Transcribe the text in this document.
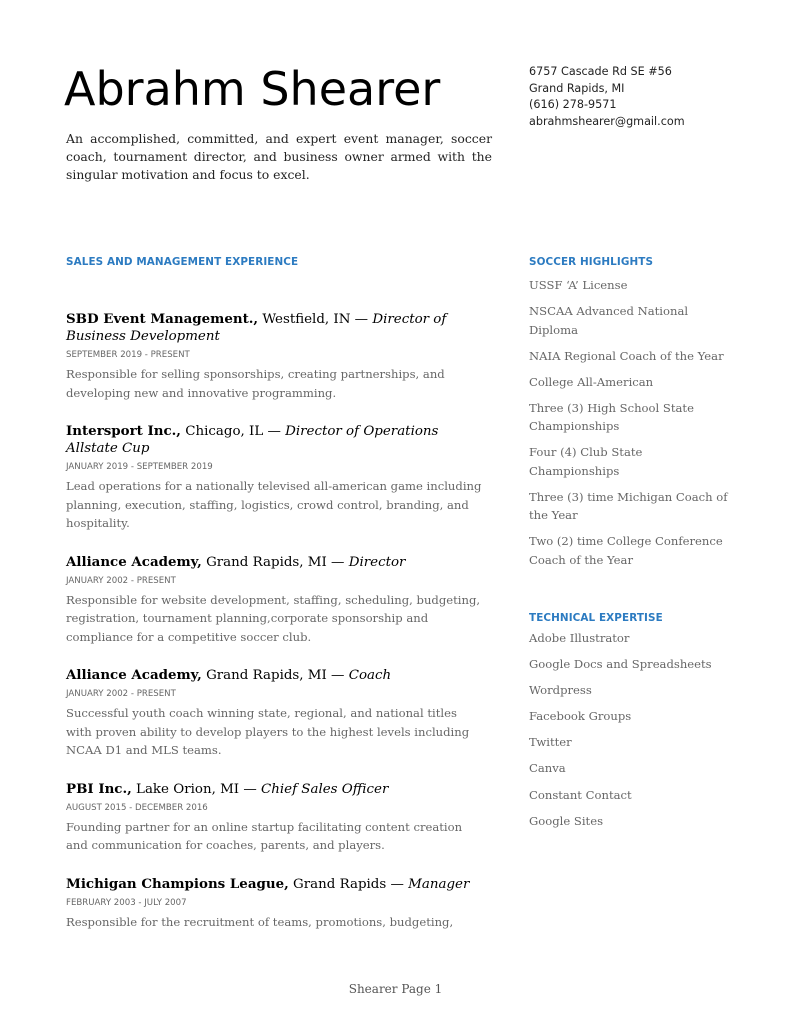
Abrahm Shearer

An accomplished, committed, and expert event manager, soccer coach, tournament director, and business owner armed with the singular motivation and focus to excel.

6757 Cascade Rd SE #56
Grand Rapids, MI
(616) 278-9571
abrahmshearer@gmail.com
SALES AND MANAGEMENT EXPERIENCE
SBD Event Management., Westfield, IN — Director of Business Development
SEPTEMBER 2019 - PRESENT
Responsible for selling sponsorships, creating partnerships, and developing new and innovative programming.
Intersport Inc., Chicago, IL — Director of Operations Allstate Cup
JANUARY 2019 - SEPTEMBER 2019
Lead operations for a nationally televised all-american game including planning, execution, staffing, logistics, crowd control, branding, and hospitality.
Alliance Academy, Grand Rapids, MI — Director
JANUARY 2002 - PRESENT
Responsible for website development, staffing, scheduling, budgeting, registration, tournament planning,corporate sponsorship and compliance for a competitive soccer club.
Alliance Academy, Grand Rapids, MI — Coach
JANUARY 2002 - PRESENT
Successful youth coach winning state, regional, and national titles with proven ability to develop players to the highest levels including NCAA D1 and MLS teams.
PBI Inc., Lake Orion, MI — Chief Sales Officer
AUGUST 2015 - DECEMBER 2016
Founding partner for an online startup facilitating content creation and communication for coaches, parents, and players.
Michigan Champions League, Grand Rapids — Manager
FEBRUARY 2003 - JULY 2007
Responsible for the recruitment of teams, promotions, budgeting,
SOCCER HIGHLIGHTS
USSF ‘A’ License
NSCAA Advanced National Diploma
NAIA Regional Coach of the Year
College All-American
Three (3) High School State Championships
Four (4) Club State Championships
Three (3) time Michigan Coach of the Year
Two (2) time College Conference Coach of the Year
TECHNICAL EXPERTISE
Adobe Illustrator
Google Docs and Spreadsheets
Wordpress
Facebook Groups
Twitter
Canva
Constant Contact
Google Sites
Shearer Page 1
